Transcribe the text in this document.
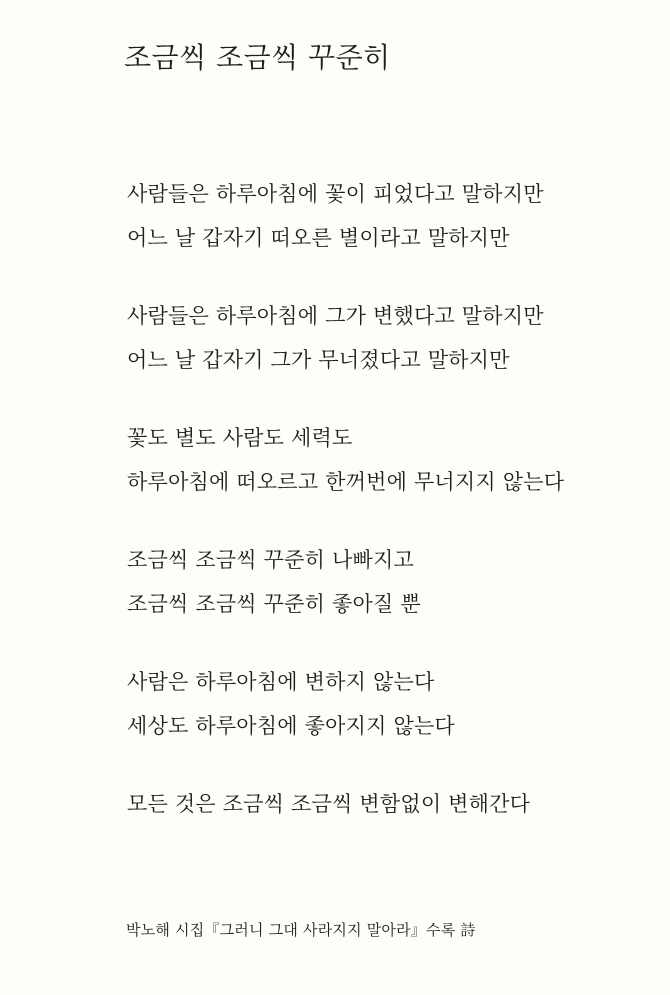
조금씩 조금씩 꾸준히
사람들은 하루아침에 꽃이 피었다고 말하지만
어느 날 갑자기 떠오른 별이라고 말하지만
사람들은 하루아침에 그가 변했다고 말하지만
어느 날 갑자기 그가 무너졌다고 말하지만
꽃도 별도 사람도 세력도
하루아침에 떠오르고 한꺼번에 무너지지 않는다
조금씩 조금씩 꾸준히 나빠지고
조금씩 조금씩 꾸준히 좋아질 뿐
사람은 하루아침에 변하지 않는다
세상도 하루아침에 좋아지지 않는다
모든 것은 조금씩 조금씩 변함없이 변해간다
박노해 시집『그러니 그대 사라지지 말아라』수록 詩
